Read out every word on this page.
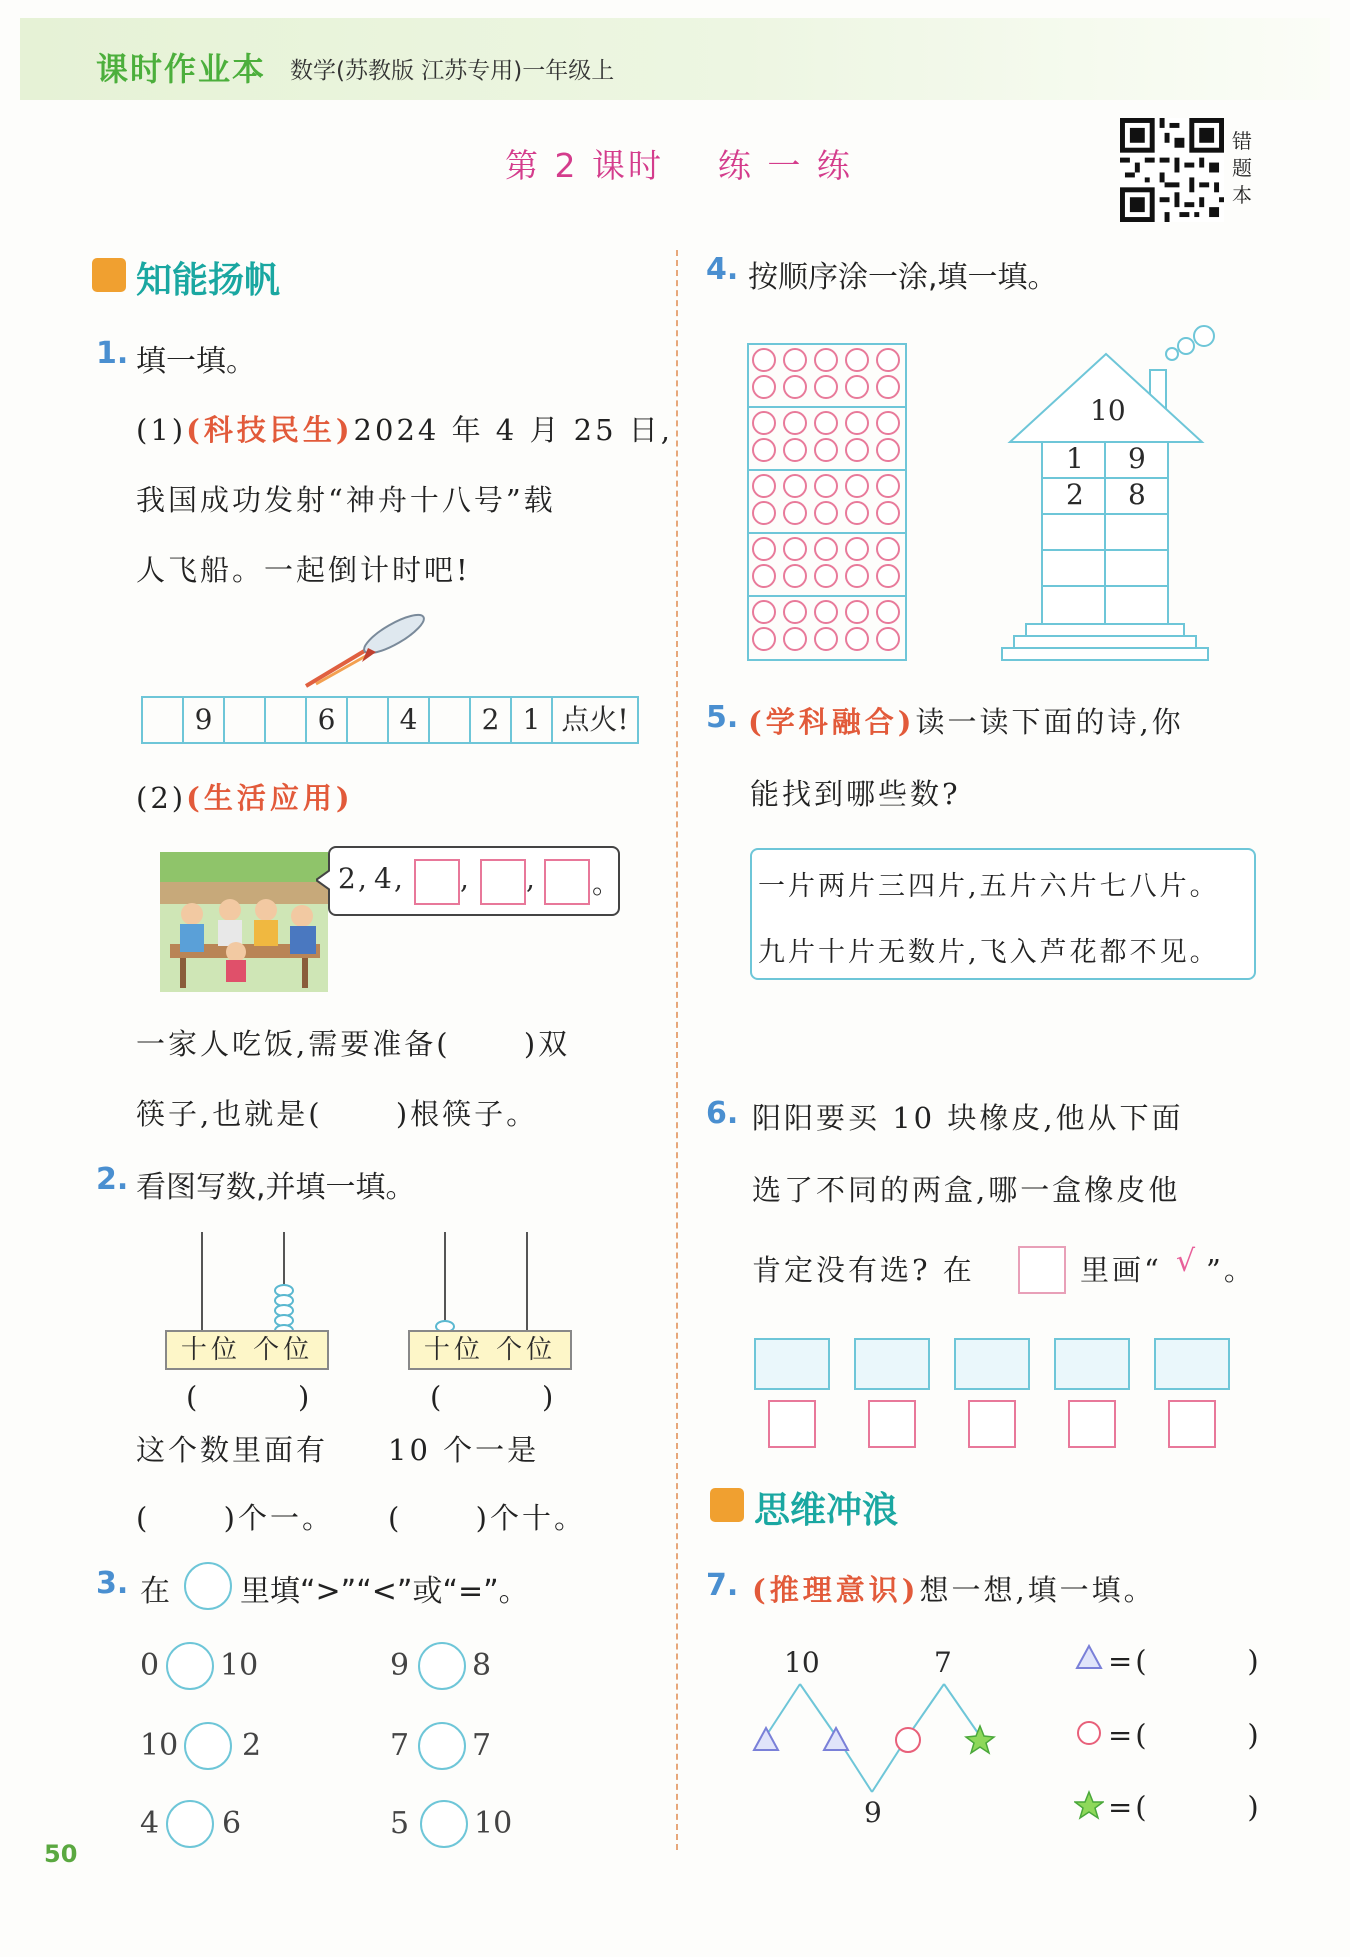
课时作业本 数学(苏教版 江苏专用)一年级上
第 2 课时    练 一 练
错题本
知能扬帆
1. 填一填。
(1)(科技民生)2024 年 4 月 25 日,
我国成功发射“神舟十八号”载
人飞船。一起倒计时吧!
9	6	4	2 1 点火!
(2)(生活应用)
2 , 4 , , , 。
一家人吃饭,需要准备(      )双
筷子,也就是(      )根筷子。
2. 看图写数,并填一填。
十位 个位
(        )
十位 个位
(        )
这个数里面有 10 个一是
(      )个一。 (      )个十。
3. 在 里填“>”“<”或“=”。
0 10	9 8
10 2	7 7
4 6	5 10
50
4. 按顺序涂一涂,填一填。
10
1 9
2 8
5. (学科融合)读一读下面的诗,你
能找到哪些数?
一片两片三四片,五片六片七八片。
九片十片无数片,飞入芦花都不见。
6. 阳阳要买 10 块橡皮,他从下面
选了不同的两盒,哪一盒橡皮他
肯定没有选? 在	里画“ √ ”。
思维冲浪
7. (推理意识)想一想,填一填。
10	7
9
=(        )
=(        )
=(        )
